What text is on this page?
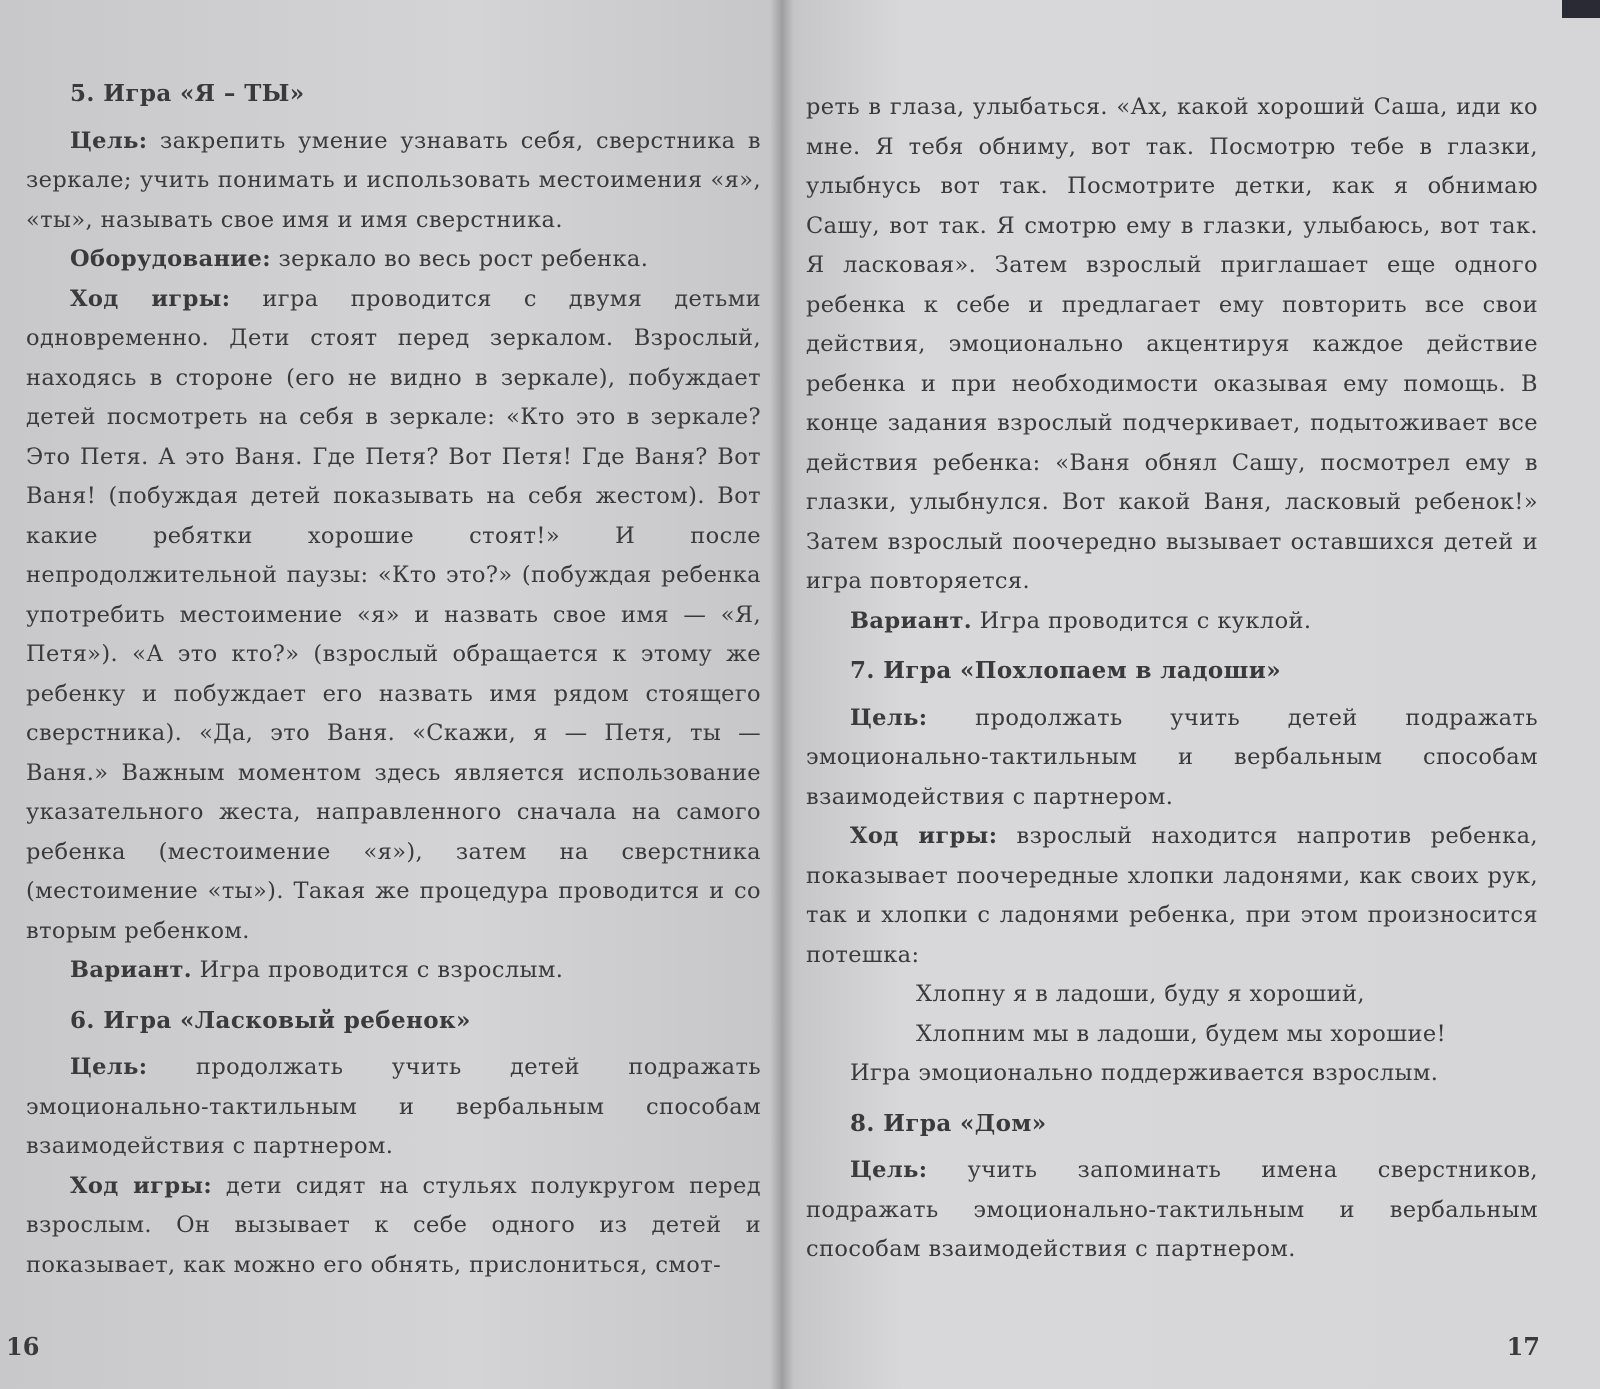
5. Игра «Я – ТЫ»

Цель: закрепить умение узнавать себя, сверстника в зеркале; учить понимать и использовать местоимения «я», «ты», называть свое имя и имя сверстника.

Оборудование: зеркало во весь рост ребенка.

Ход игры: игра проводится с двумя детьми одновременно. Дети стоят перед зеркалом. Взрослый, находясь в стороне (его не видно в зеркале), побуждает детей посмотреть на себя в зеркале: «Кто это в зеркале? Это Петя. А это Ваня. Где Петя? Вот Петя! Где Ваня? Вот Ваня! (побуждая детей показывать на себя жестом). Вот какие ребятки хорошие стоят!» И после непродолжительной паузы: «Кто это?» (побуждая ребенка употребить местоимение «я» и назвать свое имя — «Я, Петя»). «А это кто?» (взрослый обращается к этому же ребенку и побуждает его назвать имя рядом стоящего сверстника). «Да, это Ваня. «Скажи, я — Петя, ты — Ваня.» Важным моментом здесь является использование указательного жеста, направленного сначала на самого ребенка (местоимение «я»), затем на сверстника (местоимение «ты»). Такая же процедура проводится и со вторым ребенком.

Вариант. Игра проводится с взрослым.

6. Игра «Ласковый ребенок»

Цель: продолжать учить детей подражать эмоционально-тактильным и вербальным способам взаимодействия с партнером.

Ход игры: дети сидят на стульях полукругом перед взрослым. Он вызывает к себе одного из детей и показывает, как можно его обнять, прислониться, смот-

16

реть в глаза, улыбаться. «Ах, какой хороший Саша, иди ко мне. Я тебя обниму, вот так. Посмотрю тебе в глазки, улыбнусь вот так. Посмотрите детки, как я обнимаю Сашу, вот так. Я смотрю ему в глазки, улыбаюсь, вот так. Я ласковая». Затем взрослый приглашает еще одного ребенка к себе и предлагает ему повторить все свои действия, эмоционально акцентируя каждое действие ребенка и при необходимости оказывая ему помощь. В конце задания взрослый подчеркивает, подытоживает все действия ребенка: «Ваня обнял Сашу, посмотрел ему в глазки, улыбнулся. Вот какой Ваня, ласковый ребенок!» Затем взрослый поочередно вызывает оставшихся детей и игра повторяется.

Вариант. Игра проводится с куклой.

7. Игра «Похлопаем в ладоши»

Цель: продолжать учить детей подражать эмоционально-тактильным и вербальным способам взаимодействия с партнером.

Ход игры: взрослый находится напротив ребенка, показывает поочередные хлопки ладонями, как своих рук, так и хлопки с ладонями ребенка, при этом произносится потешка:

Хлопну я в ладоши, буду я хороший,

Хлопним мы в ладоши, будем мы хорошие!

Игра эмоционально поддерживается взрослым.

8. Игра «Дом»

Цель: учить запоминать имена сверстников, подражать эмоционально-тактильным и вербальным способам взаимодействия с партнером.

17
